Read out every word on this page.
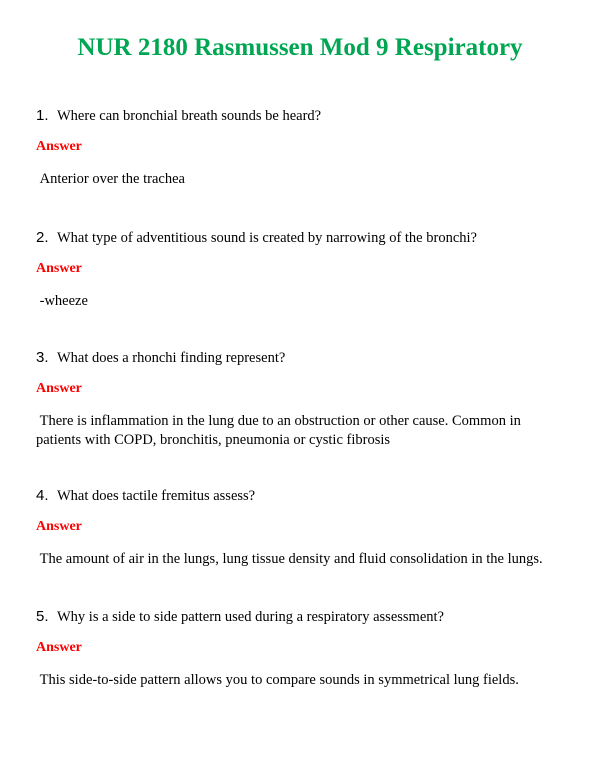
NUR 2180 Rasmussen Mod 9 Respiratory
1. Where can bronchial breath sounds be heard?
Answer
Anterior over the trachea
2. What type of adventitious sound is created by narrowing of the bronchi?
Answer
-wheeze
3. What does a rhonchi finding represent?
Answer
There is inflammation in the lung due to an obstruction or other cause. Common in patients with COPD, bronchitis, pneumonia or cystic fibrosis
4. What does tactile fremitus assess?
Answer
The amount of air in the lungs, lung tissue density and fluid consolidation in the lungs.
5. Why is a side to side pattern used during a respiratory assessment?
Answer
This side-to-side pattern allows you to compare sounds in symmetrical lung fields.
